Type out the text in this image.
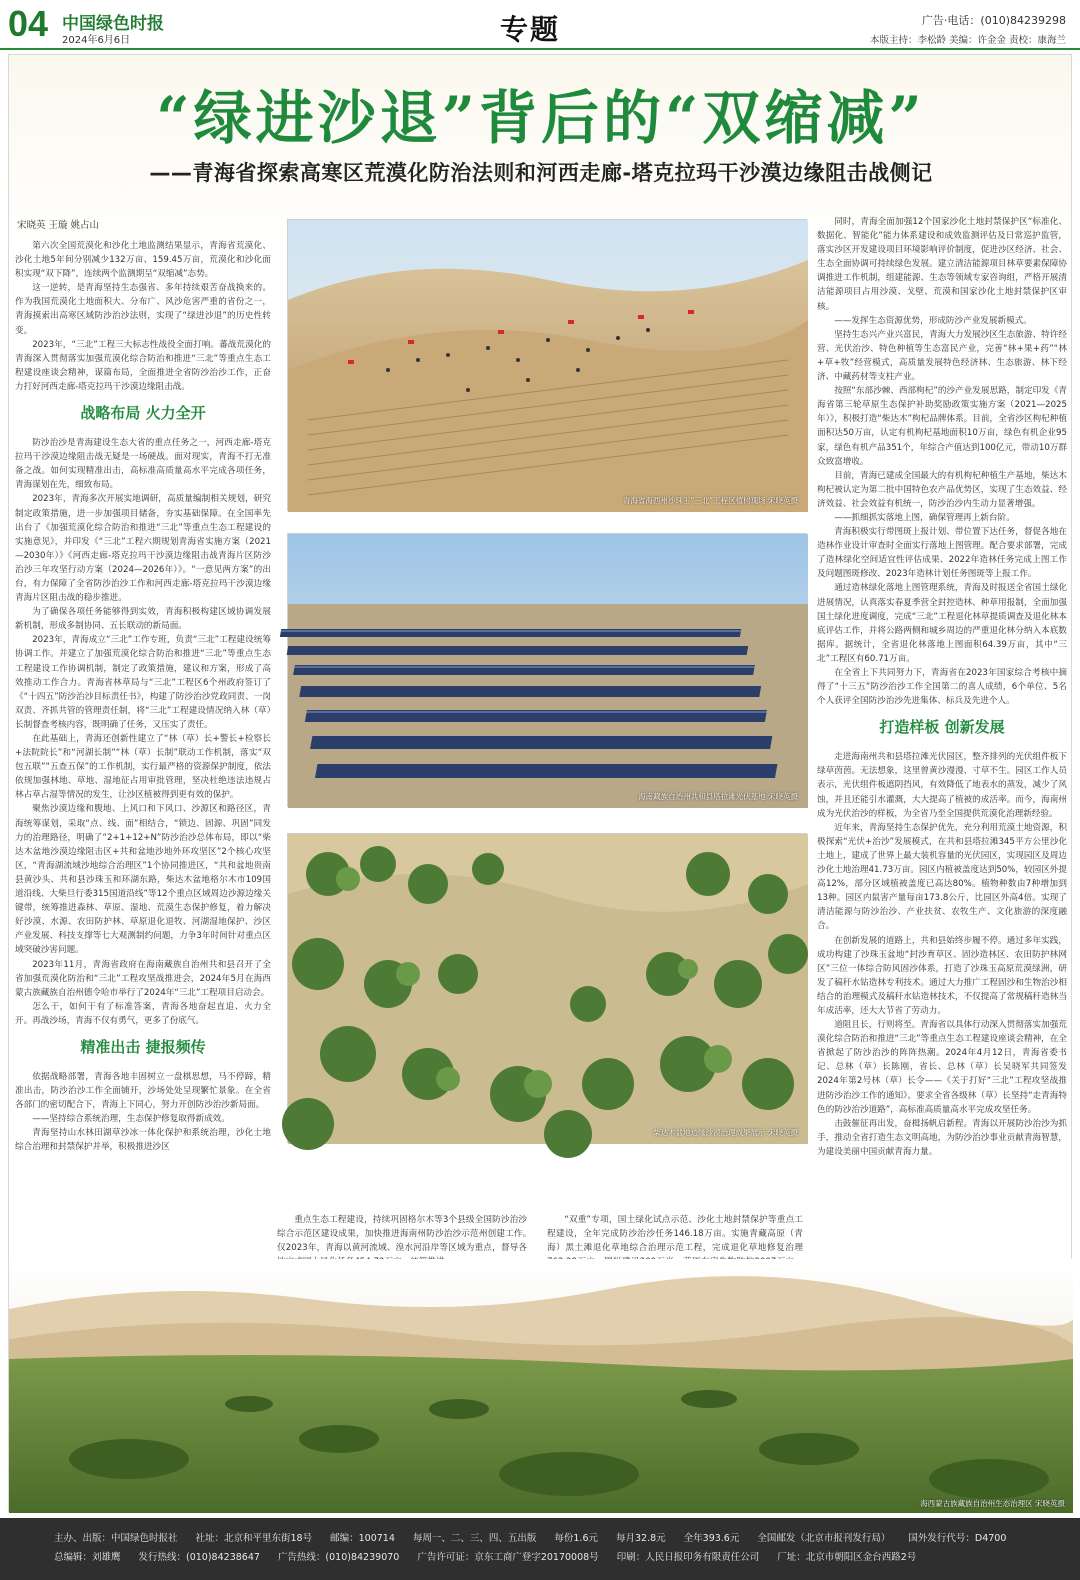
04 中国绿色时报
2024年6月6日	专题	广告·电话：(010)84239298
本版主持：李松龄 美编：许金金 责校：康海兰
“绿进沙退”背后的“双缩减”
——青海省探索高寒区荒漠化防治法则和河西走廊-塔克拉玛干沙漠边缘阻击战侧记
宋晓英 王璇 姚占山

第六次全国荒漠化和沙化土地监测结果显示，青海省荒漠化、沙化土地5年间分别减少132万亩、159.45万亩，荒漠化和沙化面积实现“双下降”，连续两个监测期呈“双缩减”态势。

这一逆转，是青海坚持生态强省、多年持续艰苦奋战换来的。作为我国荒漠化土地面积大、分布广、风沙危害严重的省份之一，青海摸索出高寒区域防沙治沙法则，实现了“绿进沙退”的历史性转变。

2023年，“三北”工程三大标志性战役全面打响。蕃战荒漠化的青海深入贯彻落实加强荒漠化综合防治和推进“三北”等重点生态工程建设座谈会精神，谋篇布局，全面推进全省防沙治沙工作，正奋力打好河西走廊-塔克拉玛干沙漠边缘阻击战。

战略布局 火力全开

防沙治沙是青海建设生态大省的重点任务之一，河西走廊-塔克拉玛干沙漠边缘阻击战无疑是一场硬战。面对现实，青海不打无准备之战。如何实现精准出击，高标准高质量高水平完成各项任务，青海谋划在先，细致布局。

2023年，青海多次开展实地调研，高质量编制相关规划，研究制定政策措施，进一步加强项目储备，夯实基础保障。在全国率先出台了《加强荒漠化综合防治和推进“三北”等重点生态工程建设的实施意见》，并印发《“三北”工程六期规划青海省实施方案（2021—2030年）》《河西走廊-塔克拉玛干沙漠边缘阻击战青海片区防沙治沙三年攻坚行动方案（2024—2026年）》。“一意见两方案”的出台，有力保障了全省防沙治沙工作和河西走廊-塔克拉玛干沙漠边缘青海片区阻击战的稳步推进。

为了确保各项任务能够得到实效，青海积极构建区域协调发展新机制，形成多制协同、五长联动的新局面。

2023年，青海成立“三北”工作专班，负责“三北”工程建设统筹协调工作。并建立了加强荒漠化综合防治和推进“三北”等重点生态工程建设工作协调机制，制定了政策措施，建议和方案，形成了高效推动工作合力。青海省林草局与“三北”工程区6个州政府签订了《“十四五”防沙治沙目标责任书》，构建了防沙治沙党政同责、一岗双责、齐抓共管的管理责任制，将“三北”工程建设情况纳入林（草）长制督查考核内容，既明确了任务，又压实了责任。

在此基础上，青海还创新性建立了“林（草）长+警长+检察长+法院院长”和“河湖长制”“林（草）长制”联动工作机制，落实“双包五联”“五查五保”的工作机制，实行最严格的资源保护制度，依法依规加强林地、草地、湿地征占用审批管理，坚决杜绝违法违规占林占草占湿等情况的发生，让沙区植被得到更有效的保护。

聚焦沙漠边缘和腹地、上风口和下风口、沙源区和路径区，青海统筹谋划，采取“点、线、面”相结合，“锁边、固源、巩固”同发力的治理路径，明确了“2+1+12+N”防沙治沙总体布局，即以“柴达木盆地沙漠边缘阻击区+共和盆地沙地外环攻坚区”2个核心攻坚区，“青海湖流域沙地综合治理区”1个协同推进区，“共和盆地贵南县黄沙头、共和县沙珠玉和环湖东路，柴达木盆地格尔木市109国道沿线、大柴旦行委315国道沿线”等12个重点区域周边沙源边缘关键带，统筹推进森林、草原、湿地、荒漠生态保护修复，着力解决好沙漠、水源、农田防护林、草原退化退牧、河湖湿地保护、沙区产业发展、科技支撑等七大观测制约问题，力争3年时间针对重点区域突破沙害问题。

2023年11月，青海省政府在海南藏族自治州共和县召开了全省加强荒漠化防治和“三北”工程攻坚战推进会，2024年5月在海西蒙古族藏族自治州德令哈市举行了2024年“三北”工程项目启动会。

怎么干，如何干有了标准答案，青海各地奋起直追、火力全开。再战沙场，青海不仅有勇气，更多了份底气。

精准出击 捷报频传

依据战略部署，青海各地丰固树立一盘棋思想，马不停蹄，精准出击，防沙治沙工作全面铺开，沙场处处呈现繁忙景象。在全省各部门的密切配合下，青海上下同心，努力开创防沙治沙新局面。

——坚持综合系统治理，生态保护修复取得新成效。

青海坚持山水林田湖草沙冰一体化保护和系统治理，沙化土地综合治理和封禁保护并举，积极推进沙区

青海省海西州沙珠玉“三北”工程区植树现场 宋晓英摄
海南藏族自治州共和县塔拉滩光伏基地 宋晓英摄
柴达木盆地边缘沙漠治理成果展示 宋晓英摄

重点生态工程建设，持续巩固格尔木等3个县级全国防沙治沙综合示范区建设成果，加快推进海南州防沙治沙示范州创建工作。　　仅2023年，青海以黄河流域、湟水河沿岸等区域为重点，督导各

“双重”专项，国土绿化试点示范、沙化土地封禁保护等重点工程建设，全年完成防沙治沙任务146.18万亩。实施青藏高原（青海）黑土滩退化草地综合治理示范工程，完成退化草地修复治理

同时，青海全面加强12个国家沙化土地封禁保护区“标准化、数据化、智能化”能力体系建设和成效监测评估及日常巡护监管，落实沙区开发建设项目环境影响评价制度，促进沙区经济、社会、生态全面协调可持续绿色发展。建立清洁能源项目林草要素保障协调推进工作机制，组建能源、生态等领域专家咨询组，严格开展清洁能源项目占用沙漠、戈壁、荒漠和国家沙化土地封禁保护区审核。

——发挥生态资源优势，形成防沙产业发展新模式。

坚持生态兴产业兴富民，青海大力发展沙区生态旅游、特许经营、光伏治沙、特色种植等生态富民产业，完善“林+果+药”“林+草+牧”经营模式，高质量发展特色经济林、生态旅游、林下经济、中藏药材等支柱产业。

按照“东部沙棘、西部枸杞”的沙产业发展思路，制定印发《青海省第三轮草原生态保护补助奖励政策实施方案（2021—2025年）》，积极打造“柴达木”枸杞品牌体系。目前，全省沙区枸杞种植面积达50万亩，认定有机枸杞基地面积10万亩，绿色有机企业95家，绿色有机产品351个，年综合产值达到100亿元，带动10万群众致富增收。

目前，青海已建成全国最大的有机枸杞种植生产基地，柴达木枸杞被认定为第二批中国特色农产品优势区，实现了生态效益、经济效益、社会效益有机统一，防沙治沙内生动力显著增强。

——抓细抓实落地上图，确保管理再上新台阶。

青海积极实行带图斑上报计划、带位置下达任务，督促各地在造林作业设计审查时全面实行落地上图管理。配合要求部署，完成了造林绿化空间适宜性评估成果、2022年造林任务完成上图工作及问题图斑修改、2023年造林计划任务图斑等上报工作。

通过造林绿化落地上图管理系统，青海及时报送全省国土绿化进展情况，认真落实春夏季营全封控造林、种草用报制，全面加强国土绿化进度调度，完成“三北”工程退化林草提质调查及退化林本底评估工作，并将公路两侧和城乡周边的严重退化林分纳入本底数据库。据统计，全省退化林落地上图面积64.39万亩，其中“三北”工程区有60.71万亩。

在全省上下共同努力下，青海省在2023年国家综合考核中摘得了“十三五”防沙治沙工作全国第二的喜人成绩，6个单位、5名个人获评全国防沙治沙先进集体、标兵及先进个人。

打造样板 创新发展

走进海南州共和县塔拉滩光伏园区，整齐排列的光伏组件板下绿草茵茵。无法想象，这里曾黄沙漫漫、寸草不生。园区工作人员表示，光伏组件板遮阴挡风，有效降低了地表水的蒸发，减少了风蚀，并且还能引水灌溉，大大提高了植被的成活率。而今，海南州成为光伏治沙的样板，为全省乃至全国提供荒漠化治理新经验。

近年来，青海坚持生态保护优先，充分利用荒漠土地资源，积极探索“光伏+治沙”发展模式，在共和县塔拉滩345平方公里沙化土地上，建成了世界上最大装机容量的光伏园区，实现园区及周边沙化土地治理41.73万亩。园区内植被盖度达到50%，较园区外提高12%，部分区域植被盖度已高达80%。植物种数由7种增加到13种。园区内鼠害产量每亩173.8公斤，比园区外高4倍。实现了清洁能源与防沙治沙、产业扶贫、农牧生产、文化旅游的深度融合。

在创新发展的道路上，共和县始终步履不停。通过多年实践，成功构建了沙珠玉盆地“封沙育草区、固沙造林区、农田防护林网区”三位一体综合防风固沙体系，打造了沙珠玉高原荒漠绿洲，研发了稿秆水钻造林专利技术。通过大力推广工程固沙和生物治沙相结合的治理模式及稿秆水钻造林技术，不仅提高了常规稿秆造林当年成活率，还大大节省了劳动力。

道阻且长，行则将至。青海省以具体行动深入贯彻落实加强荒漠化综合防治和推进“三北”等重点生态工程建设座谈会精神，在全省掀起了防沙治沙的阵阵热潮。2024年4月12日，青海省委书记、总林（草）长陈刚，省长、总林（草）长吴晓军共同签发2024年第2号林（草）长令——《关于打好“三北”工程攻坚战推进防沙治沙工作的通知》。要求全省各级林（草）长坚持“走青海特色的防沙治沙道路”，高标准高质量高水平完成攻坚任务。

击鼓催征再出发，奋楫扬帆启新程。青海以开展防沙治沙为抓手，推动全省打造生态文明高地，为防沙治沙事业贡献青海智慧，为建设美丽中国贡献青海力量。

海西蒙古族藏族自治州生态治理区 宋晓英摄
主办、出版：中国绿色时报社 社址：北京和平里东街18号 邮编：100714 每周一、二、三、四、五出版 每份1.6元 每月32.8元 全年393.6元 全国邮发（北京市报刊发行局） 国外发行代号：D4700
总编辑：刘雄鹰 发行热线：(010)84238647 广告热线：(010)84239070 广告许可证：京东工商广登字20170008号 印刷：人民日报印务有限责任公司 厂址：北京市朝阳区金台西路2号
